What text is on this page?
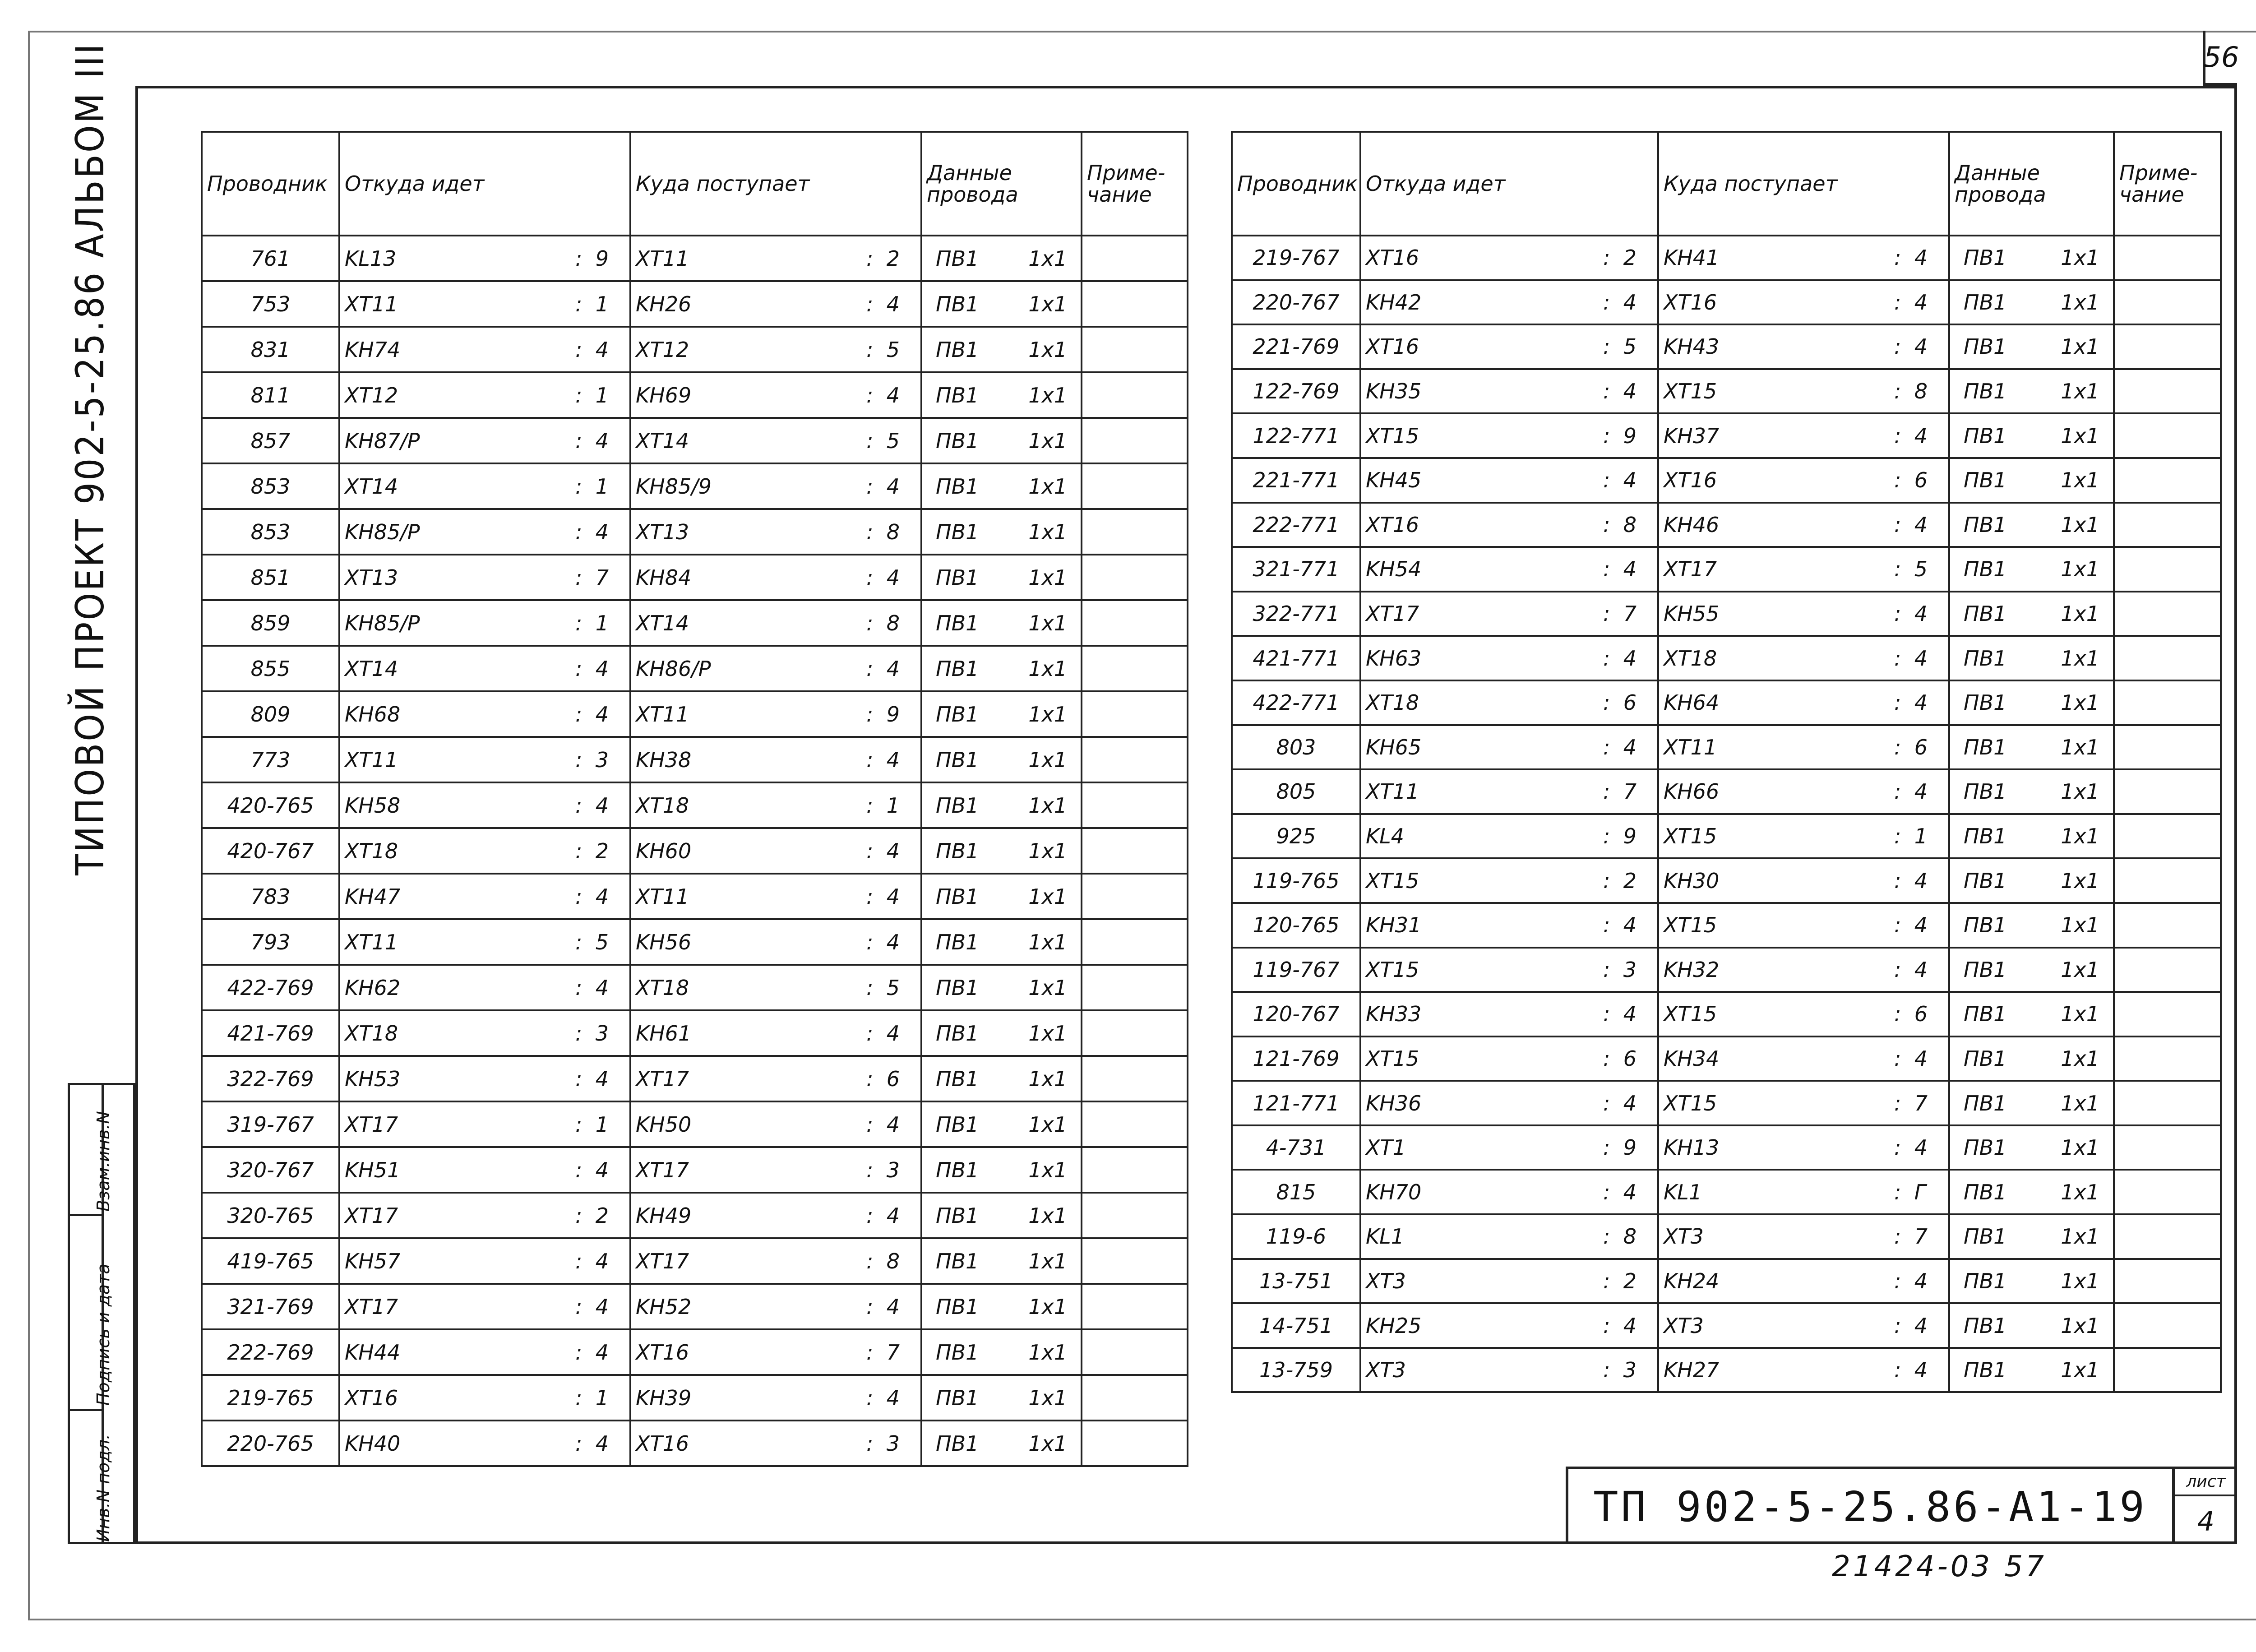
56
ТИПОВОЙ ПРОЕКТ 902-5-25.86 АЛЬБОМ III
Инв.N подл.
Подпись и дата
Взам.инв.N
Проводник	Откуда идет	Куда поступает	Данные провода	Приме-чание
761	KL13 :  9	XT11 :  2	ПВ1 1x1	

753	XT11 :  1	KH26 :  4	ПВ1 1x1	

831	KH74 :  4	XT12 :  5	ПВ1 1x1	

811	XT12 :  1	KH69 :  4	ПВ1 1x1	

857	KH87/P :  4	XT14 :  5	ПВ1 1x1	

853	XT14 :  1	KH85/9 :  4	ПВ1 1x1	

853	KH85/P :  4	XT13 :  8	ПВ1 1x1	

851	XT13 :  7	KH84 :  4	ПВ1 1x1	

859	KH85/P :  1	XT14 :  8	ПВ1 1x1	

855	XT14 :  4	KH86/P :  4	ПВ1 1x1	

809	KH68 :  4	XT11 :  9	ПВ1 1x1	

773	XT11 :  3	KH38 :  4	ПВ1 1x1	

420-765	KH58 :  4	XT18 :  1	ПВ1 1x1	

420-767	XT18 :  2	KH60 :  4	ПВ1 1x1	

783	KH47 :  4	XT11 :  4	ПВ1 1x1	

793	XT11 :  5	KH56 :  4	ПВ1 1x1	

422-769	KH62 :  4	XT18 :  5	ПВ1 1x1	

421-769	XT18 :  3	KH61 :  4	ПВ1 1x1	

322-769	KH53 :  4	XT17 :  6	ПВ1 1x1	

319-767	XT17 :  1	KH50 :  4	ПВ1 1x1	

320-767	KH51 :  4	XT17 :  3	ПВ1 1x1	

320-765	XT17 :  2	KH49 :  4	ПВ1 1x1	

419-765	KH57 :  4	XT17 :  8	ПВ1 1x1	

321-769	XT17 :  4	KH52 :  4	ПВ1 1x1	

222-769	KH44 :  4	XT16 :  7	ПВ1 1x1	

219-765	XT16 :  1	KH39 :  4	ПВ1 1x1	

220-765	KH40 :  4	XT16 :  3	ПВ1 1x1	

Проводник	Откуда идет	Куда поступает	Данные провода	Приме-чание
219-767	XT16 :  2	KH41 :  4	ПВ1 1x1	

220-767	KH42 :  4	XT16 :  4	ПВ1 1x1	

221-769	XT16 :  5	KH43 :  4	ПВ1 1x1	

122-769	KH35 :  4	XT15 :  8	ПВ1 1x1	

122-771	XT15 :  9	KH37 :  4	ПВ1 1x1	

221-771	KH45 :  4	XT16 :  6	ПВ1 1x1	

222-771	XT16 :  8	KH46 :  4	ПВ1 1x1	

321-771	KH54 :  4	XT17 :  5	ПВ1 1x1	

322-771	XT17 :  7	KH55 :  4	ПВ1 1x1	

421-771	KH63 :  4	XT18 :  4	ПВ1 1x1	

422-771	XT18 :  6	KH64 :  4	ПВ1 1x1	

803	KH65 :  4	XT11 :  6	ПВ1 1x1	

805	XT11 :  7	KH66 :  4	ПВ1 1x1	

925	KL4 :  9	XT15 :  1	ПВ1 1x1	

119-765	XT15 :  2	KH30 :  4	ПВ1 1x1	

120-765	KH31 :  4	XT15 :  4	ПВ1 1x1	

119-767	XT15 :  3	KH32 :  4	ПВ1 1x1	

120-767	KH33 :  4	XT15 :  6	ПВ1 1x1	

121-769	XT15 :  6	KH34 :  4	ПВ1 1x1	

121-771	KH36 :  4	XT15 :  7	ПВ1 1x1	

4-731	XT1 :  9	KH13 :  4	ПВ1 1x1	

815	KH70 :  4	KL1 :  Г	ПВ1 1x1	

119-6	KL1 :  8	XT3 :  7	ПВ1 1x1	

13-751	XT3 :  2	KH24 :  4	ПВ1 1x1	

14-751	KH25 :  4	XT3 :  4	ПВ1 1x1	

13-759	XT3 :  3	KH27 :  4	ПВ1 1x1	

ТП 902-5-25.86-А1-19
лист
4
21424-03 57
